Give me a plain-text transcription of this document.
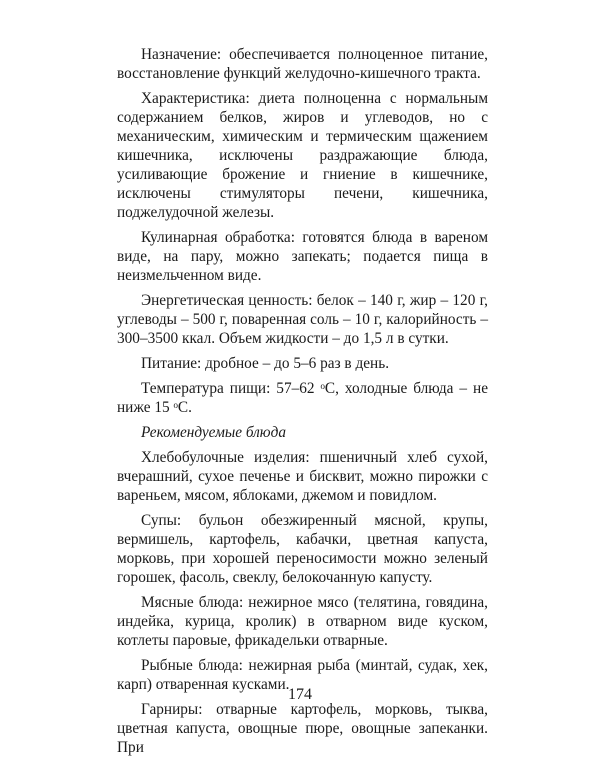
Назначение: обеспечивается полноценное питание, восстановление функций желудочно-кишечного тракта.

Характеристика: диета полноценна с нормальным содержанием белков, жиров и углеводов, но с механическим, химическим и термическим щажением кишечника, исключены раздражающие блюда, усиливающие брожение и гниение в кишечнике, исключены стимуляторы печени, кишечника, поджелудочной железы.

Кулинарная обработка: готовятся блюда в вареном виде, на пару, можно запекать; подается пища в неизмельченном виде.

Энергетическая ценность: белок – 140 г, жир – 120 г, углеводы – 500 г, поваренная соль – 10 г, калорийность – 300–3500 ккал. Объем жидкости – до 1,5 л в сутки.

Питание: дробное – до 5–6 раз в день.

Температура пищи: 57–62 ᵒС, холодные блюда – не ниже 15 ᵒС.

Рекомендуемые блюда

Хлебобулочные изделия: пшеничный хлеб сухой, вчерашний, сухое печенье и бисквит, можно пирожки с вареньем, мясом, яблоками, джемом и повидлом.

Супы: бульон обезжиренный мясной, крупы, вермишель, картофель, кабачки, цветная капуста, морковь, при хорошей переносимости можно зеленый горошек, фасоль, свеклу, белокочанную капусту.

Мясные блюда: нежирное мясо (телятина, говядина, индейка, курица, кролик) в отварном виде куском, котлеты паровые, фрикадельки отварные.

Рыбные блюда: нежирная рыба (минтай, судак, хек, карп) отваренная кусками.

Гарниры: отварные картофель, морковь, тыква, цветная капуста, овощные пюре, овощные запеканки. При

174
